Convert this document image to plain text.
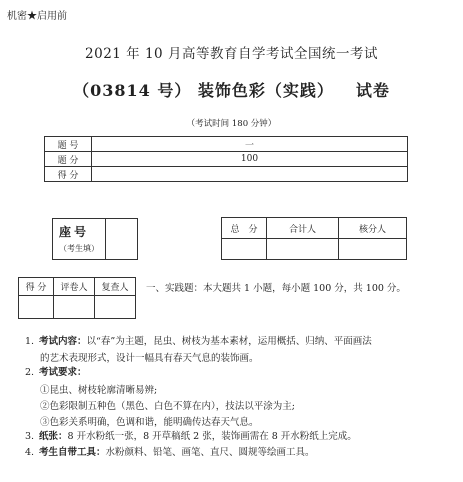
机密★启用前
2021 年 10 月高等教育自学考试全国统一考试
（03814 号） 装饰色彩（实践） 试卷
（考试时间 180 分钟）
题 号	一
题 分	100
得 分	
座号
（考生填）
总　分	合计人	核分人

得 分	评卷人	复查人
		一、实践题：本大题共 1 小题，每小题 100 分，共 100 分。
1. 考试内容：以“春”为主题，昆虫、树枝为基本素材，运用概括、归纳、平面画法
的艺术表现形式，设计一幅具有春天气息的装饰画。
2. 考试要求：
①昆虫、树枝轮廓清晰易辨;
②色彩限制五种色（黑色、白色不算在内），技法以平涂为主;
③色彩关系明确，色调和谐，能明确传达春天气息。
3. 纸张：8 开水粉纸一张，8 开草稿纸 2 张，装饰画需在 8 开水粉纸上完成。
4. 考生自带工具：水粉颜料、铅笔、画笔、直尺、圆规等绘画工具。
